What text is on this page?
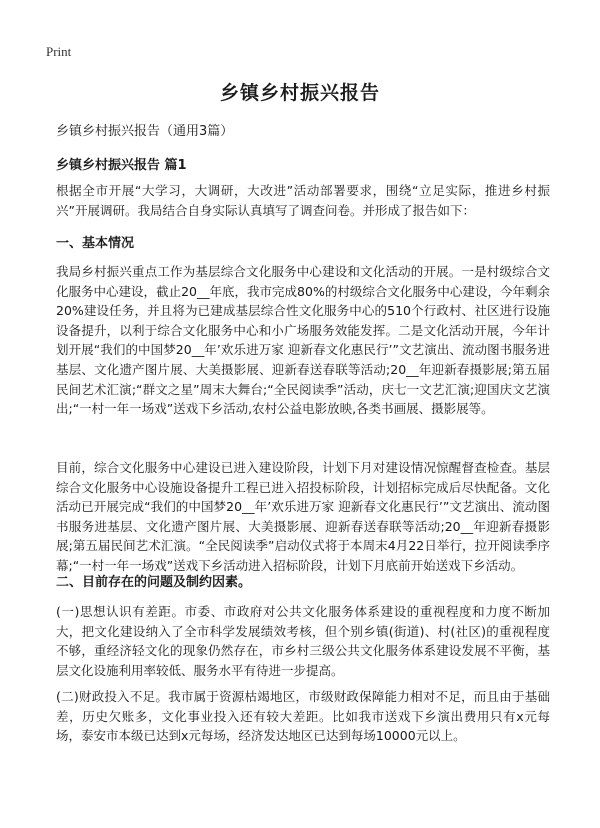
Print
乡镇乡村振兴报告
乡镇乡村振兴报告（通用3篇）
乡镇乡村振兴报告 篇1
根据全市开展“大学习，大调研，大改进”活动部署要求，围绕“立足实际，推进乡村振兴”开展调研。我局结合自身实际认真填写了调查问卷。并形成了报告如下：
一、基本情况
我局乡村振兴重点工作为基层综合文化服务中心建设和文化活动的开展。一是村级综合文化服务中心建设，截止20__年底，我市完成80%的村级综合文化服务中心建设，今年剩余20%建设任务，并且将为已建成基层综合性文化服务中心的510个行政村、社区进行设施设备提升，以利于综合文化服务中心和小广场服务效能发挥。二是文化活动开展，今年计划开展“我们的中国梦20__年’欢乐进万家 迎新春文化惠民行’”文艺演出、流动图书服务进基层、文化遗产图片展、大美摄影展、迎新春送春联等活动;20__年迎新春摄影展;第五届民间艺术汇演;“群文之星”周末大舞台;“全民阅读季”活动，庆七一文艺汇演;迎国庆文艺演出;“一村一年一场戏”送戏下乡活动,农村公益电影放映,各类书画展、摄影展等。
目前，综合文化服务中心建设已进入建设阶段，计划下月对建设情况惊醒督查检查。基层综合文化服务中心设施设备提升工程已进入招投标阶段，计划招标完成后尽快配备。文化活动已开展完成“我们的中国梦20__年’欢乐进万家 迎新春文化惠民行’”文艺演出、流动图书服务进基层、文化遗产图片展、大美摄影展、迎新春送春联等活动;20__年迎新春摄影展;第五届民间艺术汇演。“全民阅读季”启动仪式将于本周末4月22日举行，拉开阅读季序幕;“一村一年一场戏”送戏下乡活动进入招标阶段，计划下月底前开始送戏下乡活动。
二、目前存在的问题及制约因素。
(一)思想认识有差距。市委、市政府对公共文化服务体系建设的重视程度和力度不断加大，把文化建设纳入了全市科学发展绩效考核，但个别乡镇(街道)、村(社区)的重视程度不够，重经济轻文化的现象仍然存在，市乡村三级公共文化服务体系建设发展不平衡，基层文化设施利用率较低、服务水平有待进一步提高。
(二)财政投入不足。我市属于资源枯竭地区，市级财政保障能力相对不足，而且由于基础差，历史欠账多，文化事业投入还有较大差距。比如我市送戏下乡演出费用只有x元每场，泰安市本级已达到x元每场，经济发达地区已达到每场10000元以上。
